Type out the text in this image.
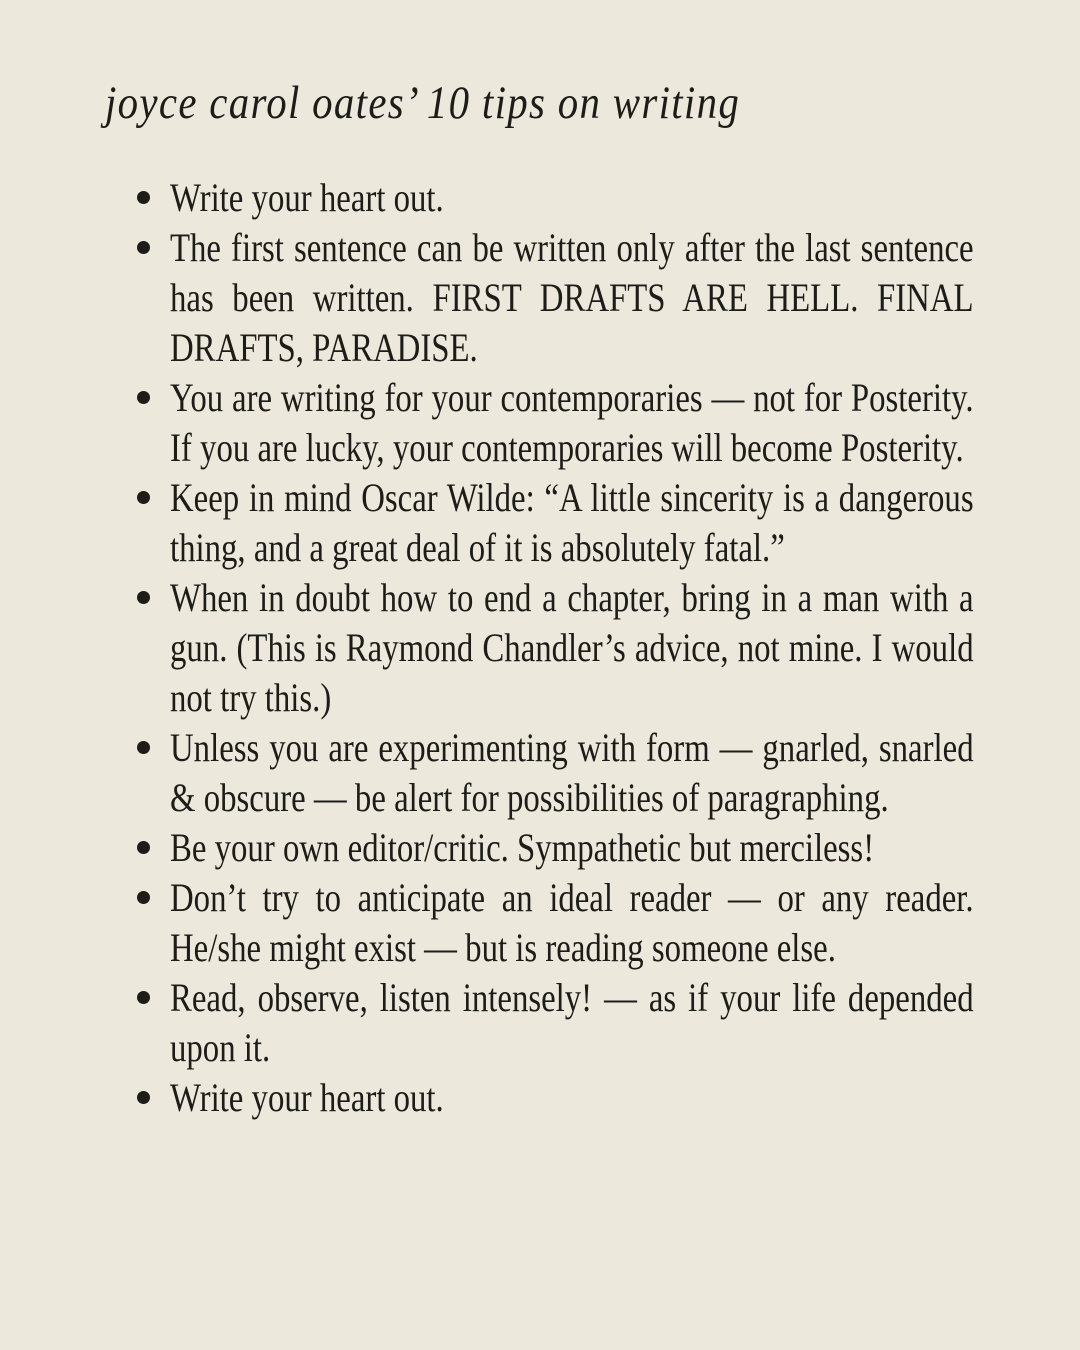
joyce carol oates’ 10 tips on writing
Write your heart out.
The first sentence can be written only after the last sentence has been written. FIRST DRAFTS ARE HELL. FINAL DRAFTS, PARADISE.
You are writing for your contemporaries — not for Posterity. If you are lucky, your contemporaries will become Posterity.
Keep in mind Oscar Wilde: “A little sincerity is a dangerous thing, and a great deal of it is absolutely fatal.”
When in doubt how to end a chapter, bring in a man with a gun. (This is Raymond Chandler’s advice, not mine. I would not try this.)
Unless you are experimenting with form — gnarled, snarled & obscure — be alert for possibilities of paragraphing.
Be your own editor/critic. Sympathetic but merciless!
Don’t try to anticipate an ideal reader — or any reader. He/she might exist — but is reading someone else.
Read, observe, listen intensely! — as if your life depended upon it.
Write your heart out.
